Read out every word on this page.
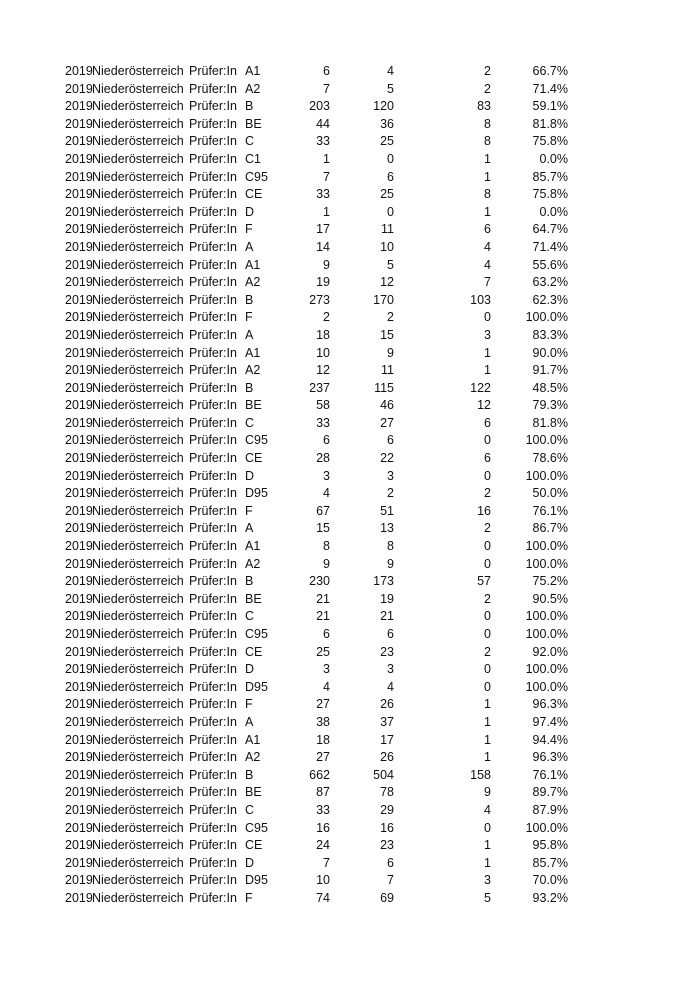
2019 Niederösterreich Prüfer:In A1	6	4	2	66.7%
2019 Niederösterreich Prüfer:In A2	7	5	2	71.4%
2019 Niederösterreich Prüfer:In B	203	120	83	59.1%
2019 Niederösterreich Prüfer:In BE	44	36	8	81.8%
2019 Niederösterreich Prüfer:In C	33	25	8	75.8%
2019 Niederösterreich Prüfer:In C1	1	0	1	0.0%
2019 Niederösterreich Prüfer:In C95	7	6	1	85.7%
2019 Niederösterreich Prüfer:In CE	33	25	8	75.8%
2019 Niederösterreich Prüfer:In D	1	0	1	0.0%
2019 Niederösterreich Prüfer:In F	17	11	6	64.7%
2019 Niederösterreich Prüfer:In A	14	10	4	71.4%
2019 Niederösterreich Prüfer:In A1	9	5	4	55.6%
2019 Niederösterreich Prüfer:In A2	19	12	7	63.2%
2019 Niederösterreich Prüfer:In B	273	170	103	62.3%
2019 Niederösterreich Prüfer:In F	2	2	0	100.0%
2019 Niederösterreich Prüfer:In A	18	15	3	83.3%
2019 Niederösterreich Prüfer:In A1	10	9	1	90.0%
2019 Niederösterreich Prüfer:In A2	12	11	1	91.7%
2019 Niederösterreich Prüfer:In B	237	115	122	48.5%
2019 Niederösterreich Prüfer:In BE	58	46	12	79.3%
2019 Niederösterreich Prüfer:In C	33	27	6	81.8%
2019 Niederösterreich Prüfer:In C95	6	6	0	100.0%
2019 Niederösterreich Prüfer:In CE	28	22	6	78.6%
2019 Niederösterreich Prüfer:In D	3	3	0	100.0%
2019 Niederösterreich Prüfer:In D95	4	2	2	50.0%
2019 Niederösterreich Prüfer:In F	67	51	16	76.1%
2019 Niederösterreich Prüfer:In A	15	13	2	86.7%
2019 Niederösterreich Prüfer:In A1	8	8	0	100.0%
2019 Niederösterreich Prüfer:In A2	9	9	0	100.0%
2019 Niederösterreich Prüfer:In B	230	173	57	75.2%
2019 Niederösterreich Prüfer:In BE	21	19	2	90.5%
2019 Niederösterreich Prüfer:In C	21	21	0	100.0%
2019 Niederösterreich Prüfer:In C95	6	6	0	100.0%
2019 Niederösterreich Prüfer:In CE	25	23	2	92.0%
2019 Niederösterreich Prüfer:In D	3	3	0	100.0%
2019 Niederösterreich Prüfer:In D95	4	4	0	100.0%
2019 Niederösterreich Prüfer:In F	27	26	1	96.3%
2019 Niederösterreich Prüfer:In A	38	37	1	97.4%
2019 Niederösterreich Prüfer:In A1	18	17	1	94.4%
2019 Niederösterreich Prüfer:In A2	27	26	1	96.3%
2019 Niederösterreich Prüfer:In B	662	504	158	76.1%
2019 Niederösterreich Prüfer:In BE	87	78	9	89.7%
2019 Niederösterreich Prüfer:In C	33	29	4	87.9%
2019 Niederösterreich Prüfer:In C95	16	16	0	100.0%
2019 Niederösterreich Prüfer:In CE	24	23	1	95.8%
2019 Niederösterreich Prüfer:In D	7	6	1	85.7%
2019 Niederösterreich Prüfer:In D95	10	7	3	70.0%
2019 Niederösterreich Prüfer:In F	74	69	5	93.2%
